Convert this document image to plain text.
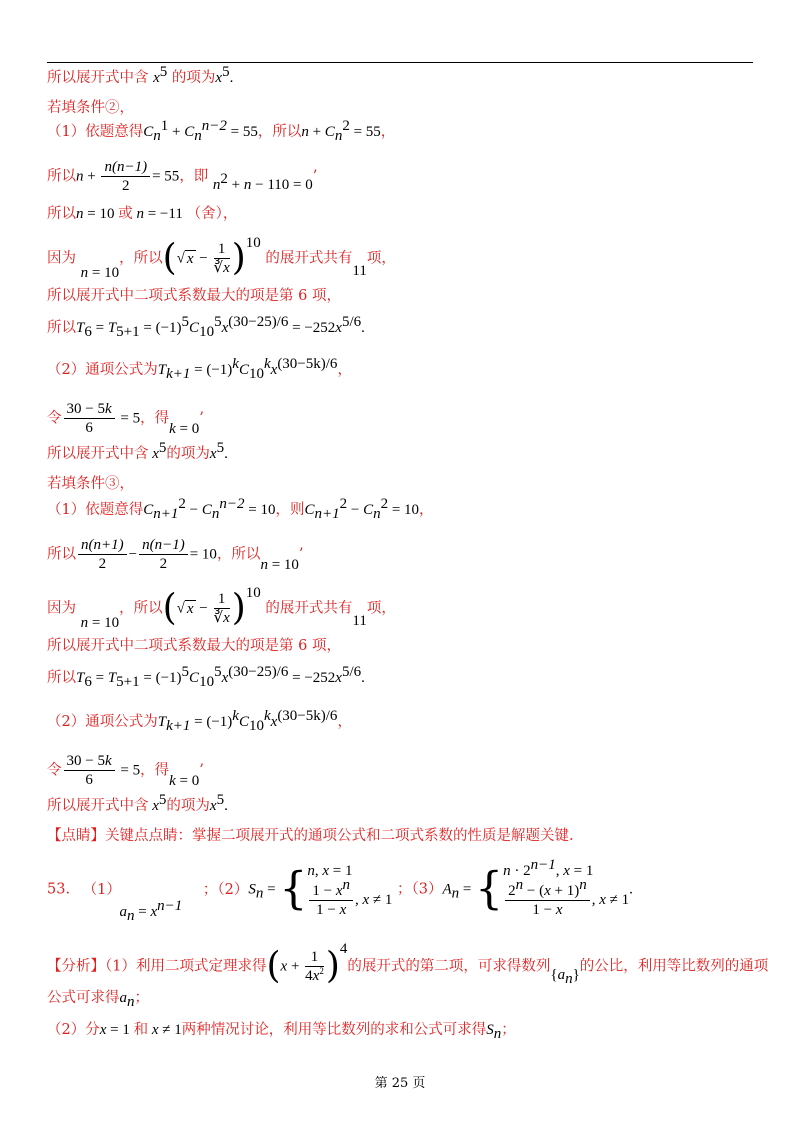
所以展开式中含 $x^5$ 的项为$x^5$.
若填条件②，
（1）依题意得$C_n^1 + C_n^{n-2} = 55$，所以$n + C_n^2 = 55$，
所以$n + \frac{n(n-1)}{2} = 55$，即 $n^2 + n - 110 = 0$’
所以n = 10 或 n = −11 （舍），
因为 n = 10，所以(√ $x - \frac{1}{∛x} )^{10}$ 的展开式共有11项，
所以展开式中二项式系数最大的项是第 6 项，
所以$T_6 = T_{5+1} = (-1)^5C_{10}^5x^{(30-25)/6} = -252x^{5/6}$.
（2）通项公式为$T_{k+1} = (-1)^kC_{10}^kx^{(30-5k)/6}$，
令 $\frac{30 - 5k}{6} = 5$，得k = 0’
所以展开式中含 $x^5$的项为$x^5$.
若填条件③，
（1）依题意得$C_{n+1}^2 - C_n^{n-2} = 10$，则$C_{n+1}^2 - C_n^2 = 10$，
所以 $\frac{n(n+1)}{2} - \frac{n(n-1)}{2} = 10$，所以n = 10’
因为 n = 10，所以(√ $x - \frac{1}{∛x} )^{10}$ 的展开式共有11项，
所以展开式中二项式系数最大的项是第 6 项，
所以$T_6 = T_{5+1} = (-1)^5C_{10}^5x^{(30-25)/6} = -252x^{5/6}$.
（2）通项公式为$T_{k+1} = (-1)^kC_{10}^kx^{(30-5k)/6}$，
令 $\frac{30 - 5k}{6} = 5$，得k = 0’
所以展开式中含 $x^5$的项为$x^5$.
【点睛】关键点点睛：掌握二项展开式的通项公式和二项式系数的性质是解题关键.
53. （1） $a_n = x^{n-1}$ ；$(2)S_n$ = { n, x = 1
$\frac{1 - x^n}{1 - x}$ , x ≠ 1
；$(3)A_n$ = { $n \cdot 2^{n-1}$, x = 1
$\frac{2^n - (x + 1)^n}{1 - x}$ , x ≠ 1
.
【分析】（1）利用二项式定理求得$(x + \frac{1}{4x^2} )^4$的展开式的第二项，可求得数列$\{a_n\}$的公比，利用等比数列的通项
公式可求得$a_n$；
（2）分x = 1 和 x ≠ 1两种情况讨论，利用等比数列的求和公式可求得$S_n$；
第 25 页
